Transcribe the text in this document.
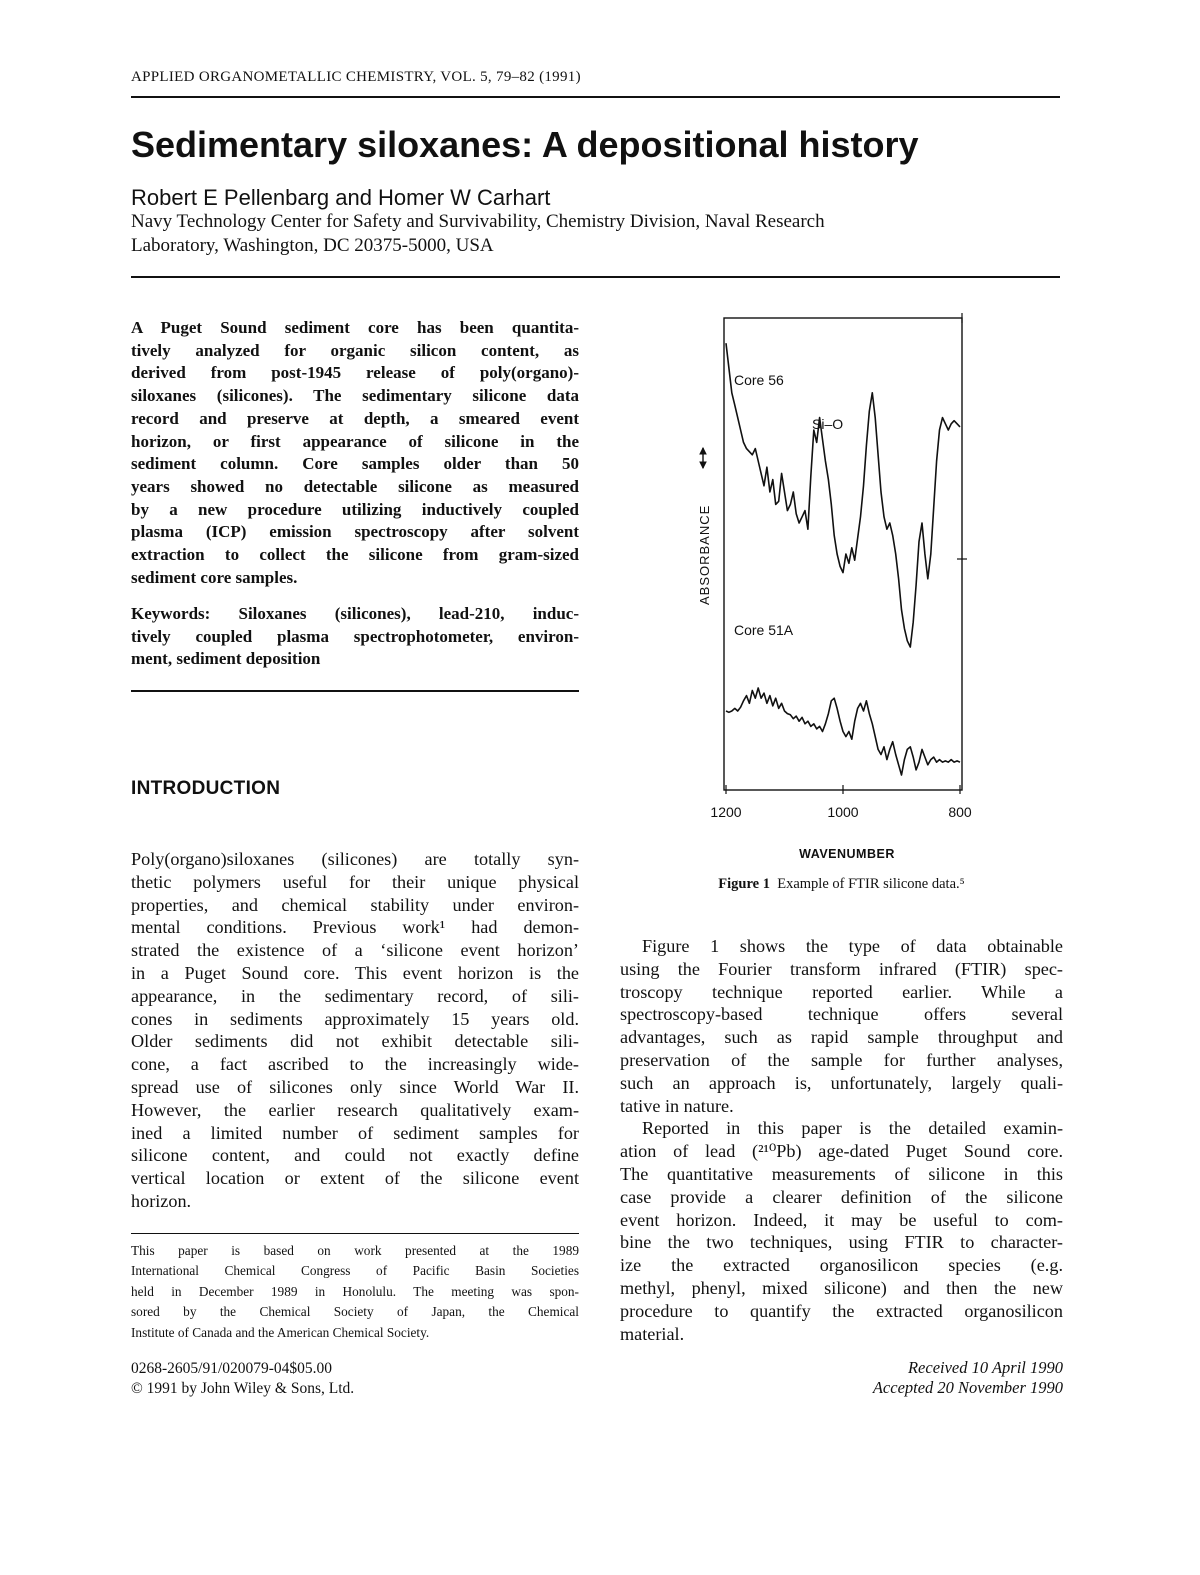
APPLIED ORGANOMETALLIC CHEMISTRY, VOL. 5, 79–82 (1991)
Sedimentary siloxanes: A depositional history
Robert E Pellenbarg and Homer W Carhart
Navy Technology Center for Safety and Survivability, Chemistry Division, Naval Research
Laboratory, Washington, DC 20375-5000, USA
A Puget Sound sediment core has been quantita-
tively analyzed for organic silicon content, as
derived from post-1945 release of poly(organo)-
siloxanes (silicones). The sedimentary silicone data
record and preserve at depth, a smeared event
horizon, or first appearance of silicone in the
sediment column. Core samples older than 50
years showed no detectable silicone as measured
by a new procedure utilizing inductively coupled
plasma (ICP) emission spectroscopy after solvent
extraction to collect the silicone from gram-sized
sediment core samples.
Keywords: Siloxanes (silicones), lead-210, induc-
tively coupled plasma spectrophotometer, environ-
ment, sediment deposition
INTRODUCTION
Poly(organo)siloxanes (silicones) are totally syn-
thetic polymers useful for their unique physical
properties, and chemical stability under environ-
mental conditions. Previous work¹ had demon-
strated the existence of a ‘silicone event horizon’
in a Puget Sound core. This event horizon is the
appearance, in the sedimentary record, of sili-
cones in sediments approximately 15 years old.
Older sediments did not exhibit detectable sili-
cone, a fact ascribed to the increasingly wide-
spread use of silicones only since World War II.
However, the earlier research qualitatively exam-
ined a limited number of sediment samples for
silicone content, and could not exactly define
vertical location or extent of the silicone event
horizon.
This paper is based on work presented at the 1989
International Chemical Congress of Pacific Basin Societies
held in December 1989 in Honolulu. The meeting was spon-
sored by the Chemical Society of Japan, the Chemical
Institute of Canada and the American Chemical Society.
0268-2605/91/020079-04$05.00
© 1991 by John Wiley & Sons, Ltd.
ABSORBANCE
WAVENUMBER
Si–O
1200	1000	800
Core 56
Core 51A
Figure 1 Example of FTIR silicone data.⁵
Figure 1 shows the type of data obtainable
using the Fourier transform infrared (FTIR) spec-
troscopy technique reported earlier. While a
spectroscopy-based technique offers several
advantages, such as rapid sample throughput and
preservation of the sample for further analyses,
such an approach is, unfortunately, largely quali-
tative in nature.
Reported in this paper is the detailed examin-
ation of lead (²¹⁰Pb) age-dated Puget Sound core.
The quantitative measurements of silicone in this
case provide a clearer definition of the silicone
event horizon. Indeed, it may be useful to com-
bine the two techniques, using FTIR to character-
ize the extracted organosilicon species (e.g.
methyl, phenyl, mixed silicone) and then the new
procedure to quantify the extracted organosilicon
material.
Received 10 April 1990
Accepted 20 November 1990
